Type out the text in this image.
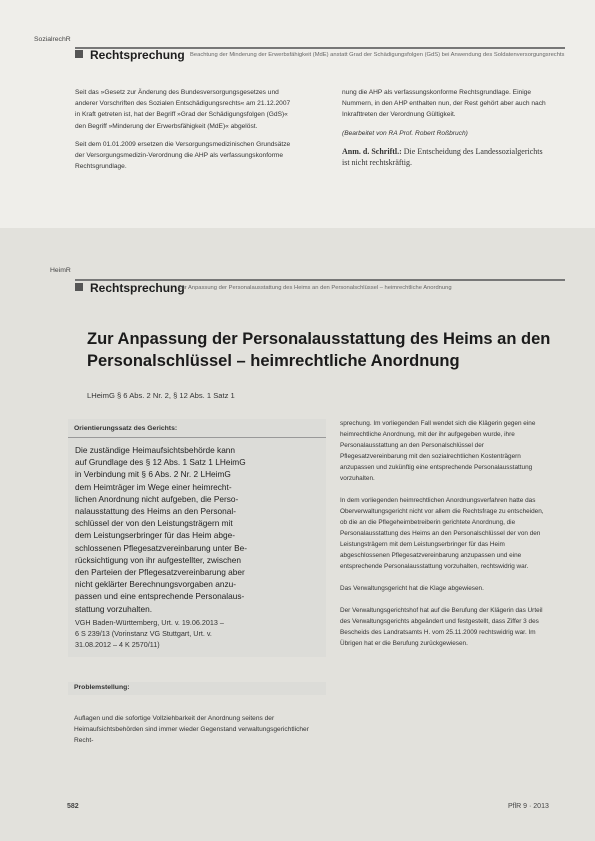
SozialrechR
Rechtsprechung Beachtung der Minderung der Erwerbsfähigkeit (MdE) anstatt Grad der Schädigungsfolgen (GdS) bei Anwendung des Soldatenversorgungsrechts

Seit das »Gesetz zur Änderung des Bundesversorgungsgesetzes und anderer Vorschriften des Sozialen Entschädigungsrechts« am 21.12.2007 in Kraft getreten ist, hat der Begriff »Grad der Schädigungsfolgen (GdS)« den Begriff »Minderung der Erwerbsfähigkeit (MdE)« abgelöst.

Seit dem 01.01.2009 ersetzen die Versorgungsmedizinischen Grundsätze der Versorgungsmedizin-Verordnung die AHP als verfassungskonforme Rechtsgrundlage.

nung die AHP als verfassungskonforme Rechtsgrundlage. Einige Nummern, in den AHP enthalten nun, der Rest gehört aber auch nach Inkrafttreten der Verordnung Gültigkeit.

(Bearbeitet von RA Prof. Robert Roßbruch)

Anm. d. Schriftl.: Die Entscheidung des Landessozialgerichts ist nicht rechtskräftig.

HeimR
Rechtsprechung
Zur Anpassung der Personalausstattung des Heims an den Personalschlüssel – heimrechtliche Anordnung
Zur Anpassung der Personalausstattung des Heims an den
Personalschlüssel – heimrechtliche Anordnung
LHeimG § 6 Abs. 2 Nr. 2, § 12 Abs. 1 Satz 1
Orientierungssatz des Gerichts:
Die zuständige Heimaufsichtsbehörde kann
auf Grundlage des § 12 Abs. 1 Satz 1 LHeimG
in Verbindung mit § 6 Abs. 2 Nr. 2 LHeimG
dem Heimträger im Wege einer heimrecht-
lichen Anordnung nicht aufgeben, die Perso-
nalausstattung des Heims an den Personal-
schlüssel der von den Leistungsträgern mit
dem Leistungserbringer für das Heim abge-
schlossenen Pflegesatzvereinbarung unter Be-
rücksichtigung von ihr aufgestellter, zwischen
den Parteien der Pflegesatzvereinbarung aber
nicht geklärter Berechnungsvorgaben anzu-
passen und eine entsprechende Personalaus-
stattung vorzuhalten.
VGH Baden-Württemberg, Urt. v. 19.06.2013 –
6 S 239/13 (Vorinstanz VG Stuttgart, Urt. v.
31.08.2012 – 4 K 2570/11)
Problemstellung:
Auflagen und die sofortige Vollziehbarkeit der Anordnung seitens der Heimaufsichtsbehörden sind immer wieder Gegenstand verwaltungsgerichtlicher Recht-

sprechung. Im vorliegenden Fall wendet sich die Klägerin gegen eine heimrechtliche Anordnung, mit der ihr aufgegeben wurde, ihre Personalausstattung an den Personalschlüssel der Pflegesatzvereinbarung mit den sozialrechtlichen Kostenträgern anzupassen und zukünftig eine entsprechende Personalausstattung vorzuhalten.

In dem vorliegenden heimrechtlichen Anordnungsverfahren hatte das Oberverwaltungsgericht nicht vor allem die Rechtsfrage zu entscheiden, ob die an die Pflegeheimbetreiberin gerichtete Anordnung, die Personalausstattung des Heims an den Personalschlüssel der von den Leistungsträgern mit dem Leistungserbringer für das Heim abgeschlossenen Pflegesatzvereinbarung anzupassen und eine entsprechende Personalausstattung vorzuhalten, rechtswidrig war.

Das Verwaltungsgericht hat die Klage abgewiesen.

Der Verwaltungsgerichtshof hat auf die Berufung der Klägerin das Urteil des Verwaltungsgerichts abgeändert und festgestellt, dass Ziffer 3 des Bescheids des Landratsamts H. vom 25.11.2009 rechtswidrig war. Im Übrigen hat er die Berufung zurückgewiesen.

582	PflR 9 · 2013
